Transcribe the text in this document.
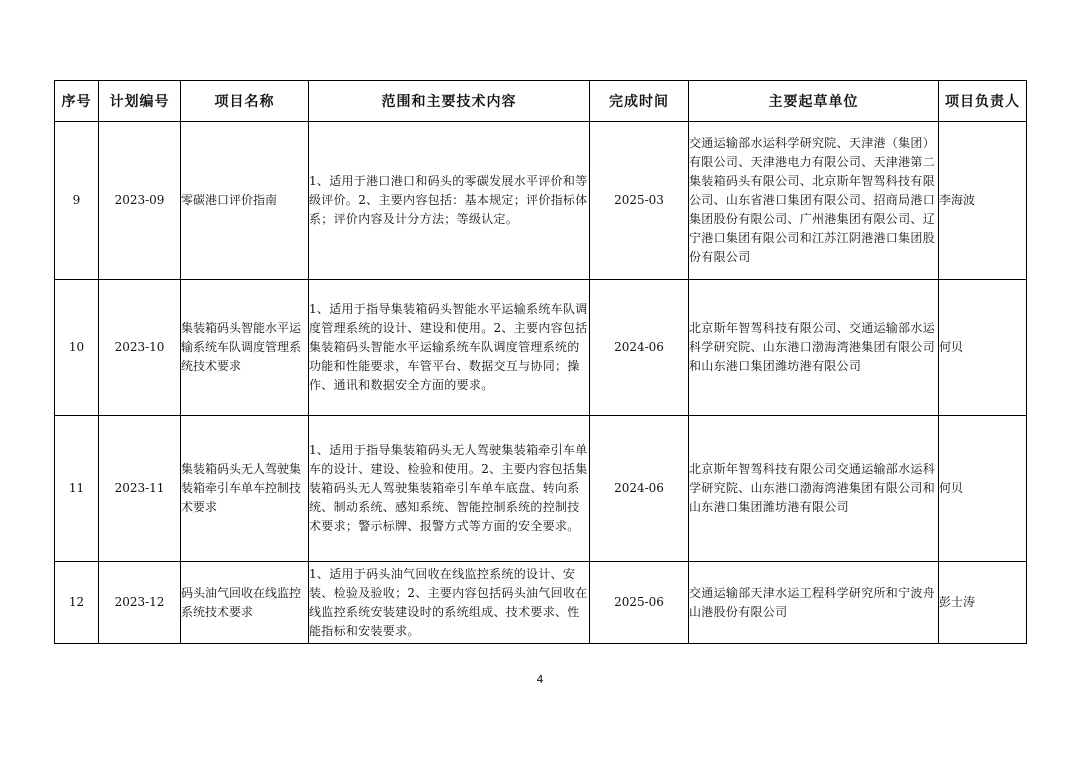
序号	计划编号	项目名称	范围和主要技术内容	完成时间	主要起草单位	项目负责人
9	2023-09	零碳港口评价指南	1、适用于港口港口和码头的零碳发展水平评价和等级评价。2、主要内容包括：基本规定；评价指标体系；评价内容及计分方法；等级认定。	2025-03	交通运输部水运科学研究院、天津港（集团）有限公司、天津港电力有限公司、天津港第二集装箱码头有限公司、北京斯年智驾科技有限公司、山东省港口集团有限公司、招商局港口集团股份有限公司、广州港集团有限公司、辽宁港口集团有限公司和江苏江阴港港口集团股份有限公司	李海波
10	2023-10	集装箱码头智能水平运输系统车队调度管理系统技术要求	1、适用于指导集装箱码头智能水平运输系统车队调度管理系统的设计、建设和使用。2、主要内容包括集装箱码头智能水平运输系统车队调度管理系统的功能和性能要求，车管平台、数据交互与协同；操作、通讯和数据安全方面的要求。	2024-06	北京斯年智驾科技有限公司、交通运输部水运科学研究院、山东港口渤海湾港集团有限公司和山东港口集团潍坊港有限公司	何贝
11	2023-11	集装箱码头无人驾驶集装箱牵引车单车控制技术要求	1、适用于指导集装箱码头无人驾驶集装箱牵引车单车的设计、建设、检验和使用。2、主要内容包括集装箱码头无人驾驶集装箱牵引车单车底盘、转向系统、制动系统、感知系统、智能控制系统的控制技术要求；警示标牌、报警方式等方面的安全要求。	2024-06	北京斯年智驾科技有限公司交通运输部水运科学研究院、山东港口渤海湾港集团有限公司和山东港口集团潍坊港有限公司	何贝
12	2023-12	码头油气回收在线监控系统技术要求	1、适用于码头油气回收在线监控系统的设计、安装、检验及验收；2、主要内容包括码头油气回收在线监控系统安装建设时的系统组成、技术要求、性能指标和安装要求。	2025-06	交通运输部天津水运工程科学研究所和宁波舟山港股份有限公司	彭士涛
4
